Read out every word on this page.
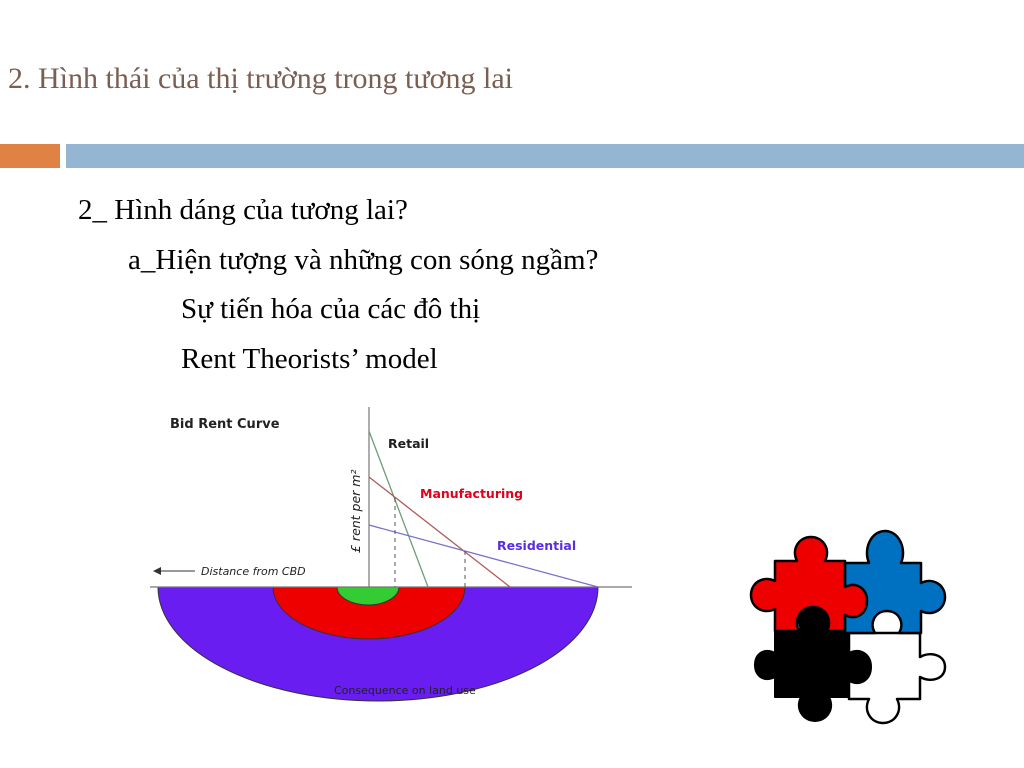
2. Hình thái của thị trường trong tương lai
2_ Hình dáng của tương lai?
a_Hiện tượng và những con sóng ngầm?
Sự tiến hóa của các đô thị
Rent Theorists’ model
Bid Rent Curve
£ rent per m²
Distance from CBD
Retail
Manufacturing
Residential
Consequence on land use
